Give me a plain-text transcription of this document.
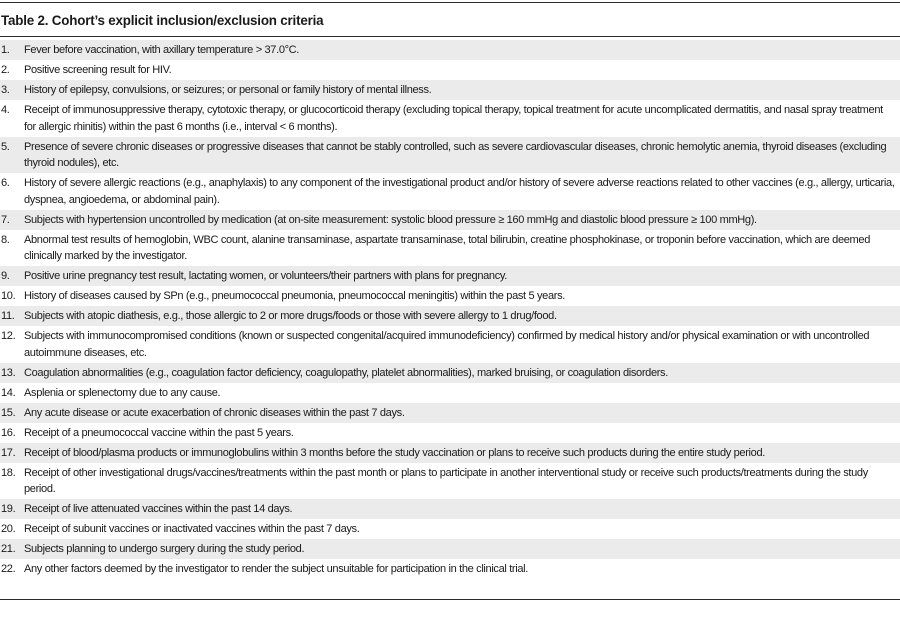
Table 2. Cohort’s explicit inclusion/exclusion criteria
1.	Fever before vaccination, with axillary temperature > 37.0°C.
2.	Positive screening result for HIV.
3.	History of epilepsy, convulsions, or seizures; or personal or family history of mental illness.
4.	Receipt of immunosuppressive therapy, cytotoxic therapy, or glucocorticoid therapy (excluding topical therapy, topical treatment for acute uncomplicated dermatitis, and nasal spray treatment for allergic rhinitis) within the past 6 months (i.e., interval < 6 months).
5.	Presence of severe chronic diseases or progressive diseases that cannot be stably controlled, such as severe cardiovascular diseases, chronic hemolytic anemia, thyroid diseases (excluding thyroid nodules), etc.
6.	History of severe allergic reactions (e.g., anaphylaxis) to any component of the investigational product and/or history of severe adverse reactions related to other vaccines (e.g., allergy, urticaria, dyspnea, angioedema, or abdominal pain).
7.	Subjects with hypertension uncontrolled by medication (at on-site measurement: systolic blood pressure ≥ 160 mmHg and diastolic blood pressure ≥ 100 mmHg).
8.	Abnormal test results of hemoglobin, WBC count, alanine transaminase, aspartate transaminase, total bilirubin, creatine phosphokinase, or troponin before vaccination, which are deemed clinically marked by the investigator.
9.	Positive urine pregnancy test result, lactating women, or volunteers/their partners with plans for pregnancy.
10. History of diseases caused by SPn (e.g., pneumococcal pneumonia, pneumococcal meningitis) within the past 5 years.
11. Subjects with atopic diathesis, e.g., those allergic to 2 or more drugs/foods or those with severe allergy to 1 drug/food.
12. Subjects with immunocompromised conditions (known or suspected congenital/acquired immunodeficiency) confirmed by medical history and/or physical examination or with uncontrolled autoimmune diseases, etc.
13. Coagulation abnormalities (e.g., coagulation factor deficiency, coagulopathy, platelet abnormalities), marked bruising, or coagulation disorders.
14. Asplenia or splenectomy due to any cause.
15. Any acute disease or acute exacerbation of chronic diseases within the past 7 days.
16. Receipt of a pneumococcal vaccine within the past 5 years.
17. Receipt of blood/plasma products or immunoglobulins within 3 months before the study vaccination or plans to receive such products during the entire study period.
18. Receipt of other investigational drugs/vaccines/treatments within the past month or plans to participate in another interventional study or receive such products/treatments during the study period.
19. Receipt of live attenuated vaccines within the past 14 days.
20. Receipt of subunit vaccines or inactivated vaccines within the past 7 days.
21. Subjects planning to undergo surgery during the study period.
22. Any other factors deemed by the investigator to render the subject unsuitable for participation in the clinical trial.
